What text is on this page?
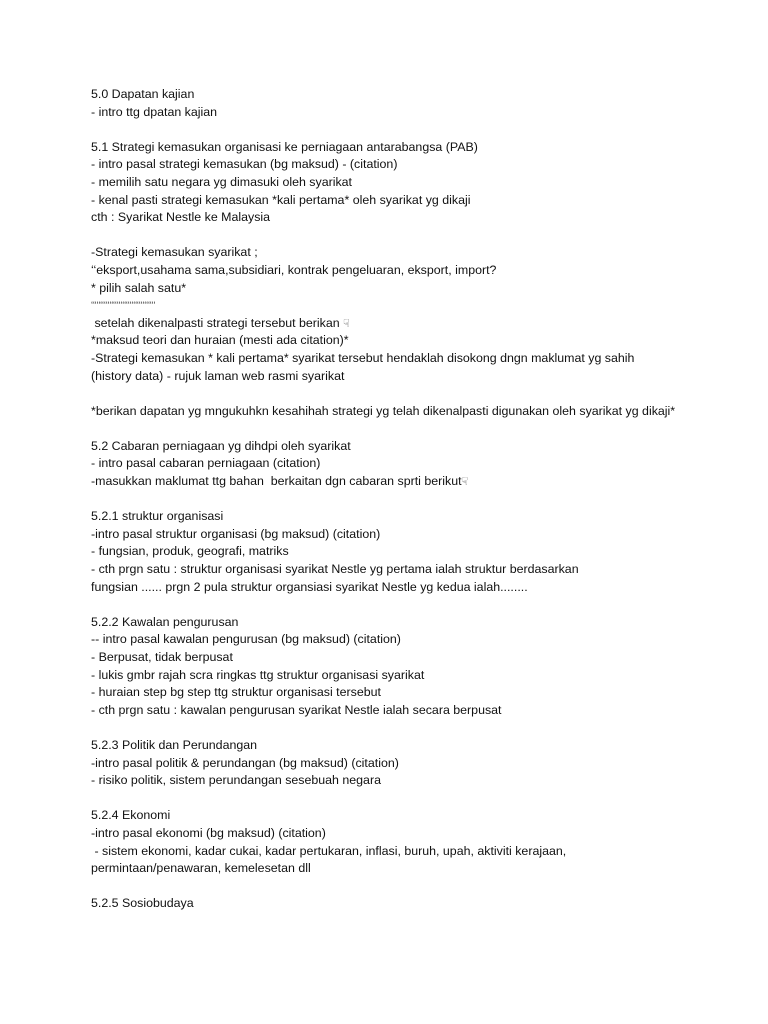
5.0 Dapatan kajian
- intro ttg dpatan kajian
5.1 Strategi kemasukan organisasi ke perniagaan antarabangsa (PAB)
- intro pasal strategi kemasukan (bg maksud) - (citation)
- memilih satu negara yg dimasuki oleh syarikat
- kenal pasti strategi kemasukan *kali pertama* oleh syarikat yg dikaji
cth : Syarikat Nestle ke Malaysia
-Strategi kemasukan syarikat ;
‘‘eksport,usahama sama,subsidiari, kontrak pengeluaran, eksport, import?
* pilih salah satu*
‘‘‘‘‘‘‘‘‘‘‘‘‘‘‘‘‘‘‘‘‘‘‘‘‘‘‘‘‘‘‘‘‘‘‘
setelah dikenalpasti strategi tersebut berikan ☟
*maksud teori dan huraian (mesti ada citation)*
-Strategi kemasukan * kali pertama* syarikat tersebut hendaklah disokong dngn maklumat yg sahih
(history data) - rujuk laman web rasmi syarikat
*berikan dapatan yg mngukuhkn kesahihah strategi yg telah dikenalpasti digunakan oleh syarikat yg dikaji*
5.2 Cabaran perniagaan yg dihdpi oleh syarikat
- intro pasal cabaran perniagaan (citation)
-masukkan maklumat ttg bahan  berkaitan dgn cabaran sprti berikut☟
5.2.1 struktur organisasi
-intro pasal struktur organisasi (bg maksud) (citation)
- fungsian, produk, geografi, matriks
- cth prgn satu : struktur organisasi syarikat Nestle yg pertama ialah struktur berdasarkan
fungsian ...... prgn 2 pula struktur organsiasi syarikat Nestle yg kedua ialah........
5.2.2 Kawalan pengurusan
-- intro pasal kawalan pengurusan (bg maksud) (citation)
- Berpusat, tidak berpusat
- lukis gmbr rajah scra ringkas ttg struktur organisasi syarikat
- huraian step bg step ttg struktur organisasi tersebut
- cth prgn satu : kawalan pengurusan syarikat Nestle ialah secara berpusat
5.2.3 Politik dan Perundangan
-intro pasal politik & perundangan (bg maksud) (citation)
- risiko politik, sistem perundangan sesebuah negara
5.2.4 Ekonomi
-intro pasal ekonomi (bg maksud) (citation)
- sistem ekonomi, kadar cukai, kadar pertukaran, inflasi, buruh, upah, aktiviti kerajaan,
permintaan/penawaran, kemelesetan dll
5.2.5 Sosiobudaya
